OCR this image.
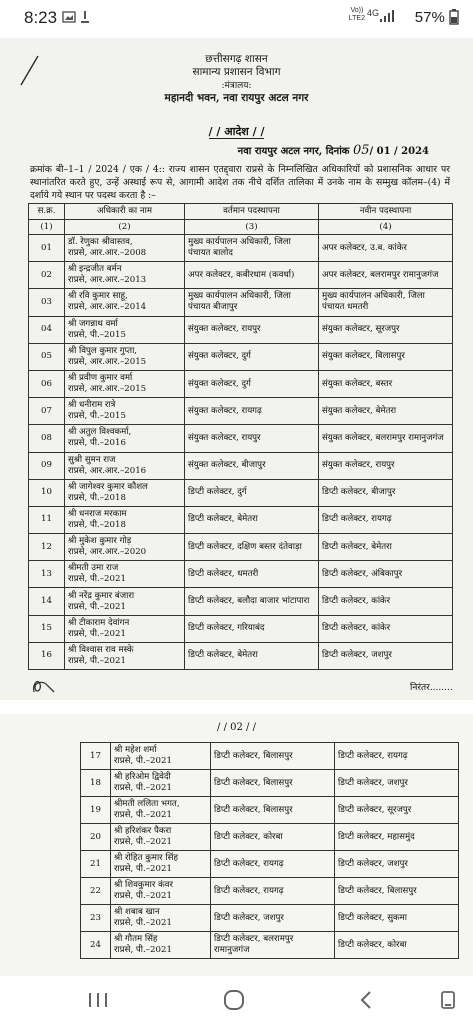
8:23	Vo))
LTE2
4G 57%
छत्तीसगढ़ शासन
सामान्य प्रशासन विभाग
:मंत्रालय:
महानदी भवन, नवा रायपुर अटल नगर
/ / आदेश / /
नवा रायपुर अटल नगर, दिनांक 05/ 01 / 2024
क्रमांक बी–1–1 / 2024 / एक / 4:: राज्य शासन एतद्द्वारा राप्रसे के निम्नलिखित अधिकारियों को प्रशासनिक आधार पर स्थानांतरित करते हुए, उन्हें अस्थाई रूप से, आगामी आदेश तक नीचे दर्शित तालिका में उनके नाम के सम्मुख कॉलम–(4) में दर्शाये गये स्थान पर पदस्थ करता है :–
स.क्र.	अधिकारी का नाम	वर्तमान पदस्थापना	नवीन पदस्थापना
(1)	(2)	(3)	(4)
01	डॉ. रेणुका श्रीवास्तव,
राप्रसे, आर.आर.–2008	मुख्य कार्यपालन अधिकारी, जिला पंचायत बालोद	अपर कलेक्टर, उ.ब. कांकेर
02	श्री इन्द्रजीत बर्मन
राप्रसे, आर.आर.–2013	अपर कलेक्टर, कबीरधाम (कवर्धा)	अपर कलेक्टर, बलरामपुर रामानुजगंज
03	श्री रवि कुमार साहू,
राप्रसे, आर.आर.–2014	मुख्य कार्यपालन अधिकारी, जिला पंचायत बीजापुर	मुख्य कार्यपालन अधिकारी, जिला पंचायत धमतरी
04	श्री जगन्नाथ वर्मा
राप्रसे, पी.–2015	संयुक्त कलेक्टर, रायपुर	संयुक्त कलेक्टर, सूरजपुर
05	श्री विपुल कुमार गुप्ता,
राप्रसे, आर.आर.–2015	संयुक्त कलेक्टर, दुर्ग	संयुक्त कलेक्टर, बिलासपुर
06	श्री प्रवीण कुमार वर्मा
राप्रसे, आर.आर.–2015	संयुक्त कलेक्टर, दुर्ग	संयुक्त कलेक्टर, बस्तर
07	श्री धनीराम रात्रे
राप्रसे, पी.–2015	संयुक्त कलेक्टर, रायगढ़	संयुक्त कलेक्टर, बेमेतरा
08	श्री अतुल विश्वकर्मा,
राप्रसे, पी.–2016	संयुक्त कलेक्टर, रायपुर	संयुक्त कलेक्टर, बलरामपुर रामानुजगंज
09	सुश्री सुमन राज
राप्रसे, आर.आर.–2016	संयुक्त कलेक्टर, बीजापुर	संयुक्त कलेक्टर, रायपुर
10	श्री जागेश्वर कुमार कौशल
राप्रसे, पी.–2018	डिप्टी कलेक्टर, दुर्ग	डिप्टी कलेक्टर, बीजापुर
11	श्री धनराज मरकाम
राप्रसे, पी.–2018	डिप्टी कलेक्टर, बेमेतरा	डिप्टी कलेक्टर, रायगढ़
12	श्री मुकेश कुमार गोड़
राप्रसे, आर.आर.–2020	डिप्टी कलेक्टर, दक्षिण बस्तर दंतेवाड़ा	डिप्टी कलेक्टर, बेमेतरा
13	श्रीमती उमा राज
राप्रसे, पी.–2021	डिप्टी कलेक्टर, धमतरी	डिप्टी कलेक्टर, अंबिकापुर
14	श्री नरेंद्र कुमार बंजारा
राप्रसे, पी.–2021	डिप्टी कलेक्टर, बलौदा बाजार भांटापारा	डिप्टी कलेक्टर, कांकेर
15	श्री टीकाराम देवांगन
राप्रसे, पी.–2021	डिप्टी कलेक्टर, गरियाबंद	डिप्टी कलेक्टर, कांकेर
16	श्री विश्वास राव मस्के
राप्रसे, पी.–2021	डिप्टी कलेक्टर, बेमेतरा	डिप्टी कलेक्टर, जशपुर
निरंतर........
/ / 02 / /
17	श्री महेश शर्मा
राप्रसे, पी.–2021	डिप्टी कलेक्टर, बिलासपुर	डिप्टी कलेक्टर, रायगढ़
18	श्री हरिओम द्विवेदी
राप्रसे, पी.–2021	डिप्टी कलेक्टर, बिलासपुर	डिप्टी कलेक्टर, जशपुर
19	श्रीमती ललिता भगत,
राप्रसे, पी.–2021	डिप्टी कलेक्टर, बिलासपुर	डिप्टी कलेक्टर, सूरजपुर
20	श्री हरिशंकर पैकरा
राप्रसे, पी.–2021	डिप्टी कलेक्टर, कोरबा	डिप्टी कलेक्टर, महासमुंद
21	श्री रोहित कुमार सिंह
राप्रसे, पी.–2021	डिप्टी कलेक्टर, रायगढ़	डिप्टी कलेक्टर, जशपुर
22	श्री शिवकुमार कंवर
राप्रसे, पी.–2021	डिप्टी कलेक्टर, रायगढ़	डिप्टी कलेक्टर, बिलासपुर
23	श्री शबाब खान
राप्रसे, पी.–2021	डिप्टी कलेक्टर, जशपुर	डिप्टी कलेक्टर, सुकमा
24	श्री गौतम सिंह
राप्रसे, पी.–2021	डिप्टी कलेक्टर, बलरामपुर रामानुजगंज	डिप्टी कलेक्टर, कोरबा
